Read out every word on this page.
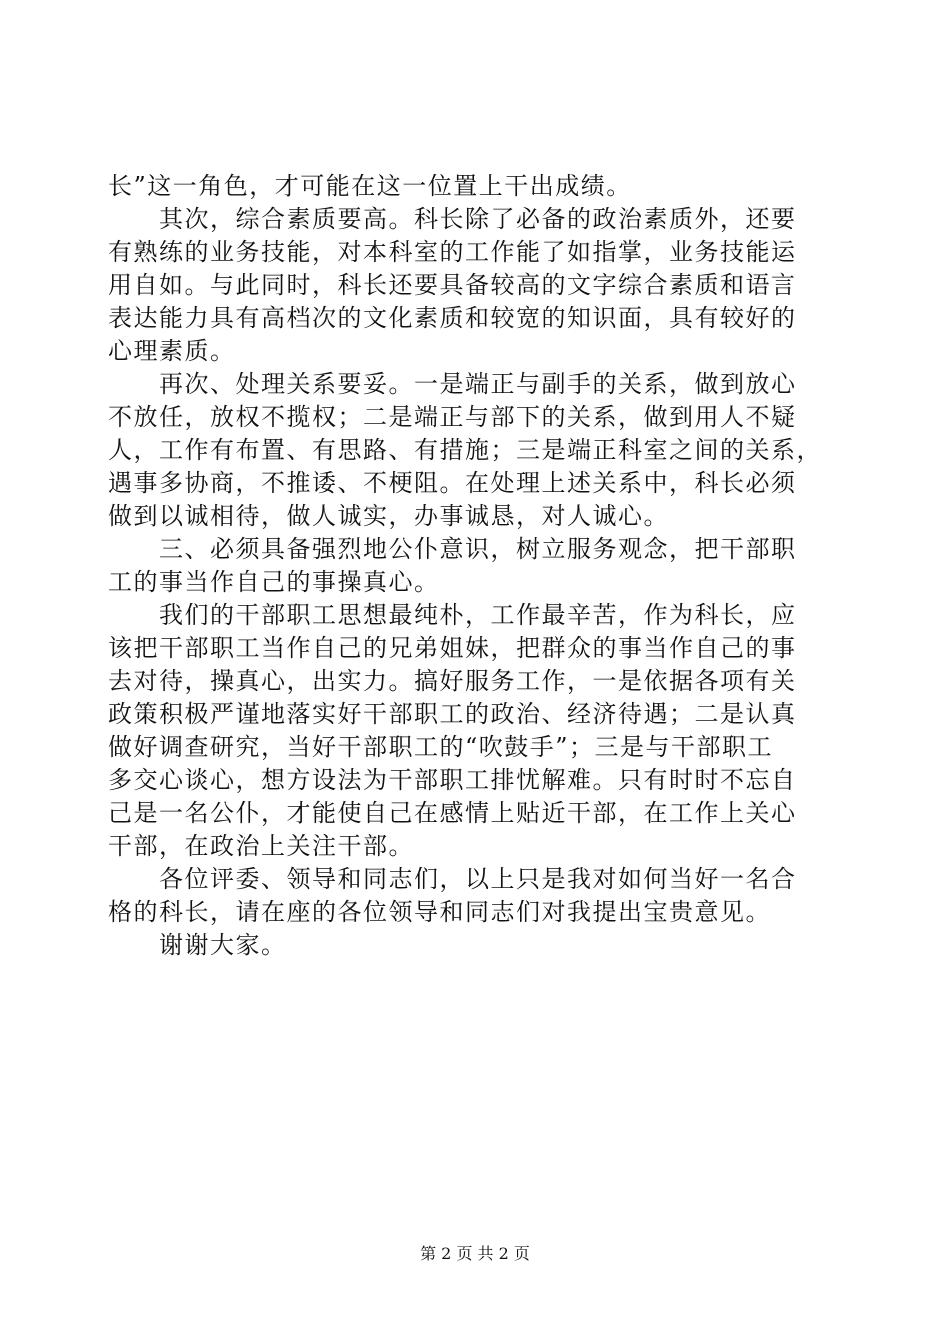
长”这一角色，才可能在这一位置上干出成绩。
　　其次，综合素质要高。科长除了必备的政治素质外，还要
有熟练的业务技能，对本科室的工作能了如指掌，业务技能运
用自如。与此同时，科长还要具备较高的文字综合素质和语言
表达能力具有高档次的文化素质和较宽的知识面，具有较好的
心理素质。
　　再次、处理关系要妥。一是端正与副手的关系，做到放心
不放任，放权不揽权；二是端正与部下的关系，做到用人不疑
人，工作有布置、有思路、有措施；三是端正科室之间的关系，
遇事多协商，不推诿、不梗阻。在处理上述关系中，科长必须
做到以诚相待，做人诚实，办事诚恳，对人诚心。
　　三、必须具备强烈地公仆意识，树立服务观念，把干部职
工的事当作自己的事操真心。
　　我们的干部职工思想最纯朴，工作最辛苦，作为科长，应
该把干部职工当作自己的兄弟姐妹，把群众的事当作自己的事
去对待，操真心，出实力。搞好服务工作，一是依据各项有关
政策积极严谨地落实好干部职工的政治、经济待遇；二是认真
做好调查研究，当好干部职工的“吹鼓手”；三是与干部职工
多交心谈心，想方设法为干部职工排忧解难。只有时时不忘自
己是一名公仆，才能使自己在感情上贴近干部，在工作上关心
干部，在政治上关注干部。
　　各位评委、领导和同志们，以上只是我对如何当好一名合
格的科长，请在座的各位领导和同志们对我提出宝贵意见。
　　谢谢大家。
第 2 页 共 2 页
